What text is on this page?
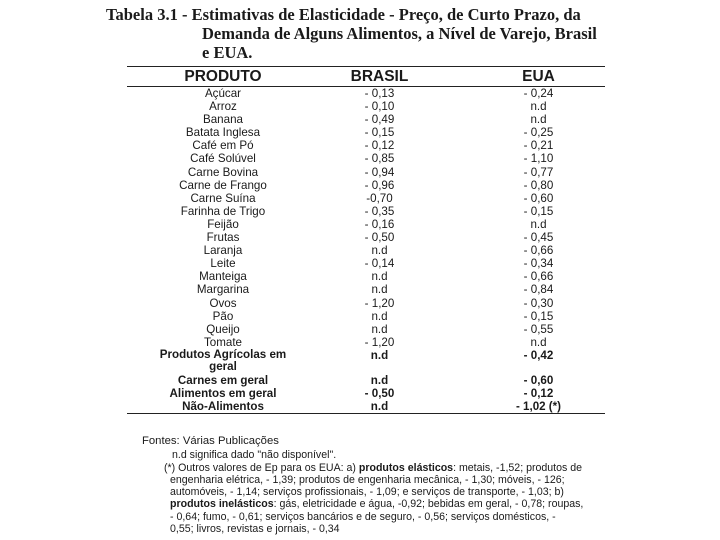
Tabela 3.1 - Estimativas de Elasticidade - Preço, de Curto Prazo, da
Demanda de Alguns Alimentos, a Nível de Varejo, Brasil
e EUA.
PRODUTO	BRASIL	EUA
Açúcar	- 0,13	- 0,24
Arroz	- 0,10	n.d
Banana	- 0,49	n.d
Batata Inglesa	- 0,15	- 0,25
Café em Pó	- 0,12	- 0,21
Café Solúvel	- 0,85	- 1,10
Carne Bovina	- 0,94	- 0,77
Carne de Frango	- 0,96	- 0,80
Carne Suína	-0,70	- 0,60
Farinha de Trigo	- 0,35	- 0,15
Feijão	- 0,16	n.d
Frutas	- 0,50	- 0,45
Laranja	n.d	- 0,66
Leite	- 0,14	- 0,34
Manteiga	n.d	- 0,66
Margarina	n.d	- 0,84
Ovos	- 1,20	- 0,30
Pão	n.d	- 0,15
Queijo	n.d	- 0,55
Tomate	- 1,20	n.d
Produtos Agrícolas em
geral
n.d	- 0,42
Carnes em geral	n.d	- 0,60
Alimentos em geral	- 0,50	- 0,12
Não-Alimentos	n.d	- 1,02 (*)
Fontes: Várias Publicações
n.d significa dado "não disponível".
(*) Outros valores de Ep para os EUA: a) produtos elásticos: metais, -1,52; produtos de
engenharia elétrica, - 1,39; produtos de engenharia mecânica, - 1,30; móveis, - 126;
automóveis, - 1,14; serviços profissionais, - 1,09; e serviços de transporte, - 1,03; b)
produtos inelásticos: gás, eletricidade e água, -0,92; bebidas em geral, - 0,78; roupas,
- 0,64; fumo, - 0,61; serviços bancários e de seguro, - 0,56; serviços domésticos, -
0,55; livros, revistas e jornais, - 0,34
